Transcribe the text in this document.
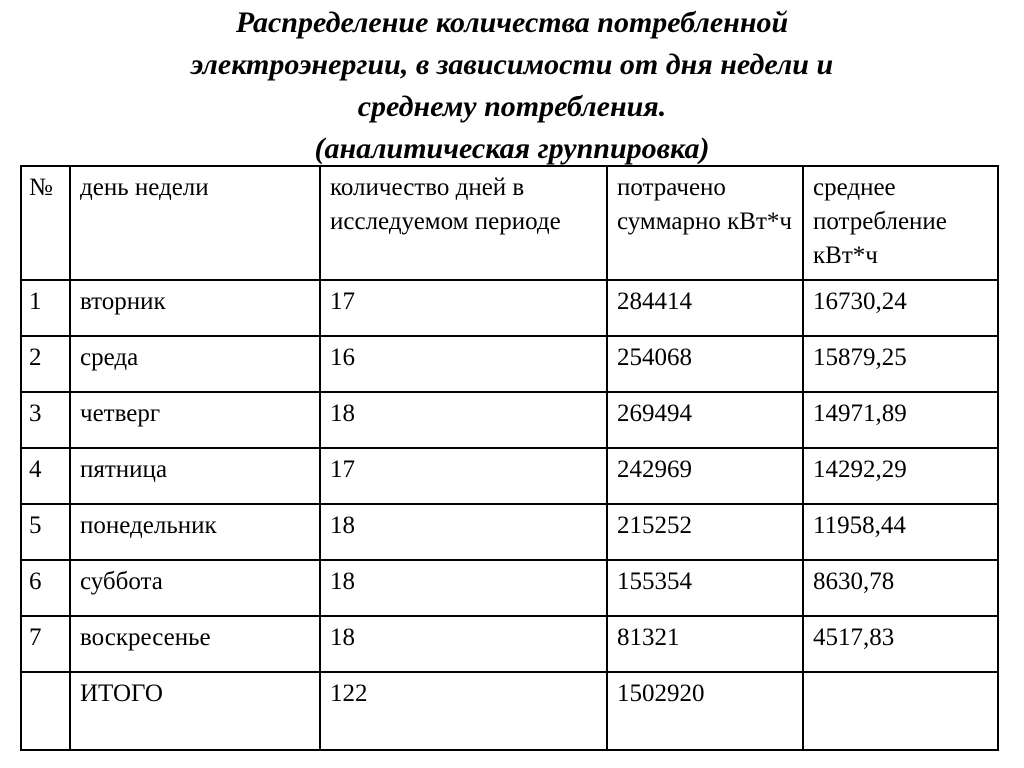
Распределение количества потребленной
электроэнергии, в зависимости от дня недели и
среднему потребления.
(аналитическая группировка)
№	день недели	количество дней в исследуемом периоде	потрачено суммарно кВт*ч	среднее потребление кВт*ч
1	вторник	17	284414	16730,24
2	среда	16	254068	15879,25
3	четверг	18	269494	14971,89
4	пятница	17	242969	14292,29
5	понедельник	18	215252	11958,44
6	суббота	18	155354	8630,78
7	воскресенье	18	81321	4517,83
	ИТОГО	122	1502920	
